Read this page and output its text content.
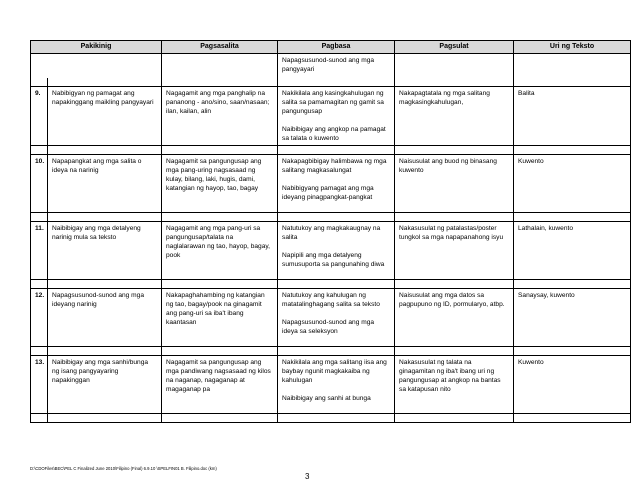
Pakikinig		Pagsasalita	Pagbasa	Pagsulat	Uri ng Teksto
			Napagsusunod-sunod ang mga pangyayari		

9.	Nabibigyan ng pamagat ang napakinggang maikling pangyayari	Nagagamit ang mga panghalip na pananong - ano/sino, saan/nasaan; ilan, kailan, alin	Nakikilala ang kasingkahulugan ng salita sa pamamagitan ng gamit sa pangungusap
Naibibigay ang angkop na pamagat sa talata o kuwento	Nakapagtatala ng mga salitang magkasingkahulugan,	Balita

10.	Napapangkat ang mga salita o ideya na narinig	Nagagamit sa pangungusap ang mga pang-uring nagsasaad ng kulay, bilang, laki, hugis, dami, katangian ng hayop, tao, bagay	Nakapagbibigay halimbawa ng mga salitang magkasalungat
Nabibigyang pamagat ang mga ideyang pinagpangkat-pangkat	Naisusulat ang buod ng binasang kuwento	Kuwento

11.	Naibibigay ang mga detalyeng narinig mula sa teksto	Nagagamit ang mga pang-uri sa pangungusap/talata na naglalarawan ng tao, hayop, bagay, pook	Natutukoy ang magkakaugnay na salita
Napipili ang mga detalyeng sumusuporta sa pangunahing diwa	Nakasusulat ng patalastas/poster tungkol sa mga napapanahong isyu	Lathalain, kuwento

12.	Napagsusunod-sunod ang mga ideyang narinig	Nakapaghahambing ng katangian ng tao, bagay/pook na ginagamit ang pang-uri sa iba't ibang kaantasan	Natutukoy ang kahulugan ng matatalinghagang salita sa teksto
Napagsusunod-sunod ang mga ideya sa seleksyon	Naisusulat ang mga datos sa pagpupuno ng ID, pormularyo, atbp.	Sanaysay, kuwento

13.	Naibibigay ang mga sanhi/bunga ng isang pangyayaring napakinggan	Nagagamit sa pangungusap ang mga pandiwang nagsasaad ng kilos na naganap, nagaganap at magaganap pa	Nakikilala ang mga salitang iisa ang baybay ngunit magkakaiba ng kahulugan
Naibibigay ang sanhi at bunga	Nakasusulat ng talata na ginagamitan ng iba't ibang uri ng pangungusap at angkop na bantas sa katapusan nito	Kuwento

D:\CDOFiles\BEC\PEL C Finalized June 2010\Filipino (Final) 6.9.10 \SPELFIN01 B. Filipino.doc (km)
3
